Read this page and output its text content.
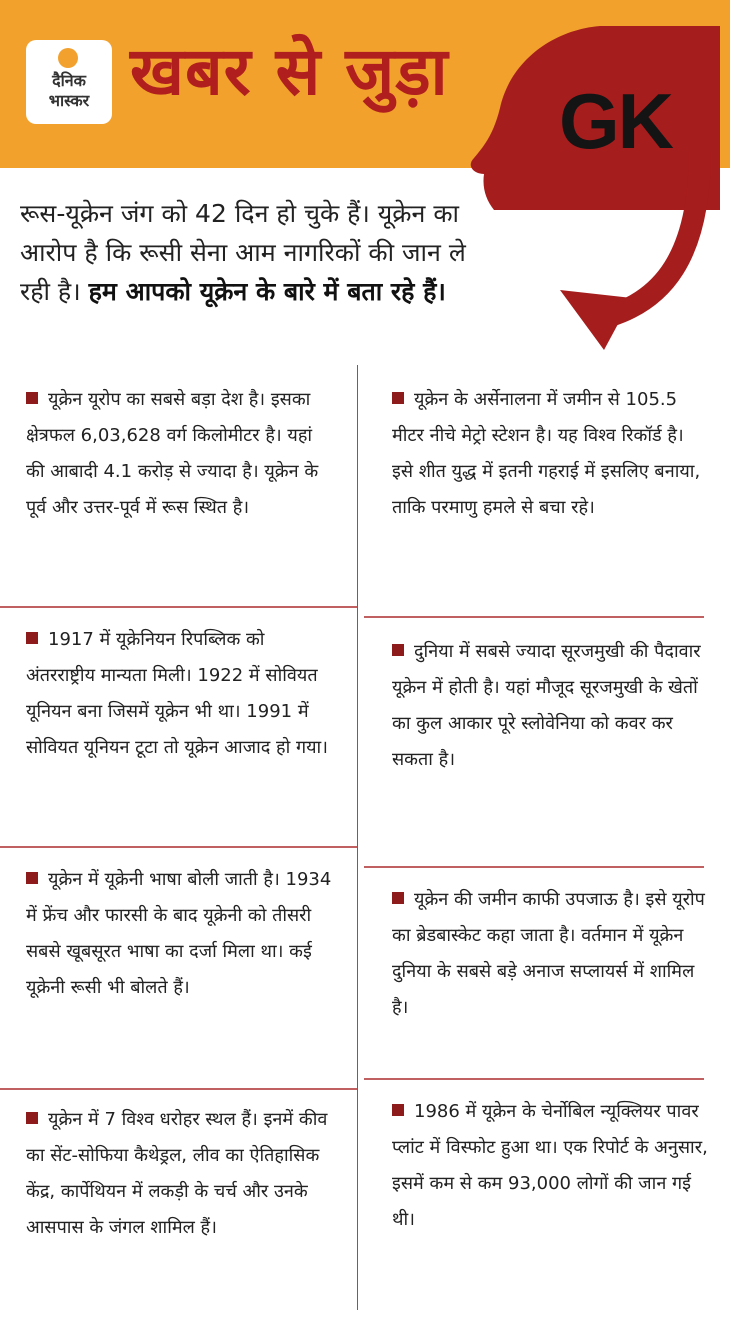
दैनिक
भास्कर खबर से जुड़ा
GK
रूस-यूक्रेन जंग को 42 दिन हो चुके हैं। यूक्रेन का आरोप है कि रूसी सेना आम नागरिकों की जान ले रही है। हम आपको यूक्रेन के बारे में बता रहे हैं।
यूक्रेन यूरोप का सबसे बड़ा देश है। इसका क्षेत्रफल 6,03,628 वर्ग किलोमीटर है। यहां की आबादी 4.1 करोड़ से ज्यादा है। यूक्रेन के पूर्व और उत्तर-पूर्व में रूस स्थित है।
1917 में यूक्रेनियन रिपब्लिक को अंतरराष्ट्रीय मान्यता मिली। 1922 में सोवियत यूनियन बना जिसमें यूक्रेन भी था। 1991 में सोवियत यूनियन टूटा तो यूक्रेन आजाद हो गया।
यूक्रेन में यूक्रेनी भाषा बोली जाती है। 1934 में फ्रेंच और फारसी के बाद यूक्रेनी को तीसरी सबसे खूबसूरत भाषा का दर्जा मिला था। कई यूक्रेनी रूसी भी बोलते हैं।
यूक्रेन में 7 विश्व धरोहर स्थल हैं। इनमें कीव का सेंट-सोफिया कैथेड्रल, लीव का ऐतिहासिक केंद्र, कार्पेथियन में लकड़ी के चर्च और उनके आसपास के जंगल शामिल हैं।
यूक्रेन के अर्सेनालना में जमीन से 105.5 मीटर नीचे मेट्रो स्टेशन है। यह विश्व रिकॉर्ड है। इसे शीत युद्ध में इतनी गहराई में इसलिए बनाया, ताकि परमाणु हमले से बचा रहे।
दुनिया में सबसे ज्यादा सूरजमुखी की पैदावार यूक्रेन में होती है। यहां मौजूद सूरजमुखी के खेतों का कुल आकार पूरे स्लोवेनिया को कवर कर सकता है।
यूक्रेन की जमीन काफी उपजाऊ है। इसे यूरोप का ब्रेडबास्केट कहा जाता है। वर्तमान में यूक्रेन दुनिया के सबसे बड़े अनाज सप्लायर्स में शामिल है।
1986 में यूक्रेन के चेर्नोबिल न्यूक्लियर पावर प्लांट में विस्फोट हुआ था। एक रिपोर्ट के अनुसार, इसमें कम से कम 93,000 लोगों की जान गई थी।
